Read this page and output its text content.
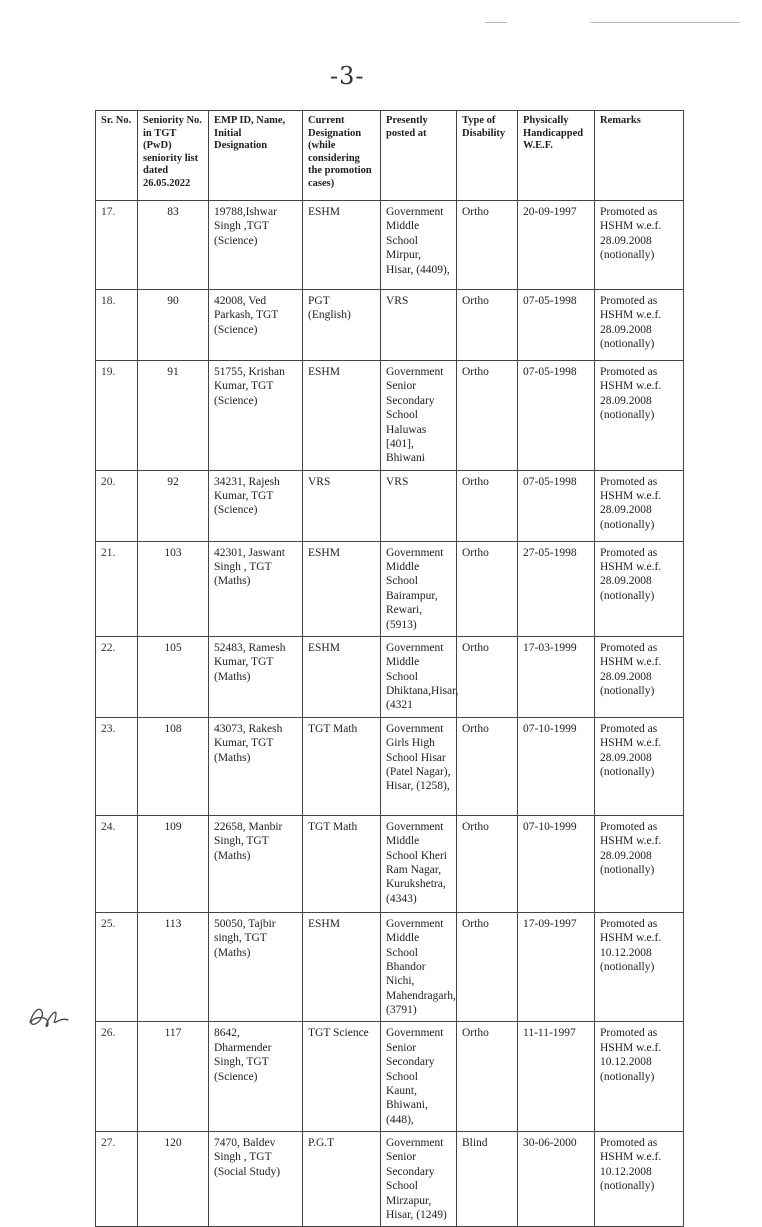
-3-
Sr. No.	Seniority No. in TGT (PwD) seniority list dated 26.05.2022	EMP ID, Name, Initial Designation	Current Designation (while considering the promotion cases)	Presently posted at	Type of Disability	Physically Handicapped W.E.F.	Remarks
17.	83	19788,Ishwar Singh ,TGT (Science)	ESHM	Government Middle School Mirpur, Hisar, (4409),	Ortho	20-09-1997	Promoted as HSHM w.e.f. 28.09.2008 (notionally)
18.	90	42008, Ved Parkash, TGT (Science)	PGT (English)	VRS	Ortho	07-05-1998	Promoted as HSHM w.e.f. 28.09.2008 (notionally)
19.	91	51755, Krishan Kumar, TGT (Science)	ESHM	Government Senior Secondary School Haluwas [401], Bhiwani	Ortho	07-05-1998	Promoted as HSHM w.e.f. 28.09.2008 (notionally)
20.	92	34231, Rajesh Kumar, TGT (Science)	VRS	VRS	Ortho	07-05-1998	Promoted as HSHM w.e.f. 28.09.2008 (notionally)
21.	103	42301, Jaswant Singh , TGT (Maths)	ESHM	Government Middle School Bairampur, Rewari, (5913)	Ortho	27-05-1998	Promoted as HSHM w.e.f. 28.09.2008 (notionally)
22.	105	52483, Ramesh Kumar, TGT (Maths)	ESHM	Government Middle School Dhiktana,Hisar, (4321	Ortho	17-03-1999	Promoted as HSHM w.e.f. 28.09.2008 (notionally)
23.	108	43073, Rakesh Kumar, TGT (Maths)	TGT Math	Government Girls High School Hisar (Patel Nagar), Hisar, (1258),	Ortho	07-10-1999	Promoted as HSHM w.e.f. 28.09.2008 (notionally)
24.	109	22658, Manbir Singh, TGT (Maths)	TGT Math	Government Middle School Kheri Ram Nagar, Kurukshetra, (4343)	Ortho	07-10-1999	Promoted as HSHM w.e.f. 28.09.2008 (notionally)
25.	113	50050, Tajbir singh, TGT (Maths)	ESHM	Government Middle School Bhandor Nichi, Mahendragarh, (3791)	Ortho	17-09-1997	Promoted as HSHM w.e.f. 10.12.2008 (notionally)
26.	117	8642, Dharmender Singh, TGT (Science)	TGT Science	Government Senior Secondary School Kaunt, Bhiwani, (448),	Ortho	11-11-1997	Promoted as HSHM w.e.f. 10.12.2008 (notionally)
27.	120	7470, Baldev Singh , TGT (Social Study)	P.G.T	Government Senior Secondary School Mirzapur, Hisar, (1249)	Blind	30-06-2000	Promoted as HSHM w.e.f. 10.12.2008 (notionally)
